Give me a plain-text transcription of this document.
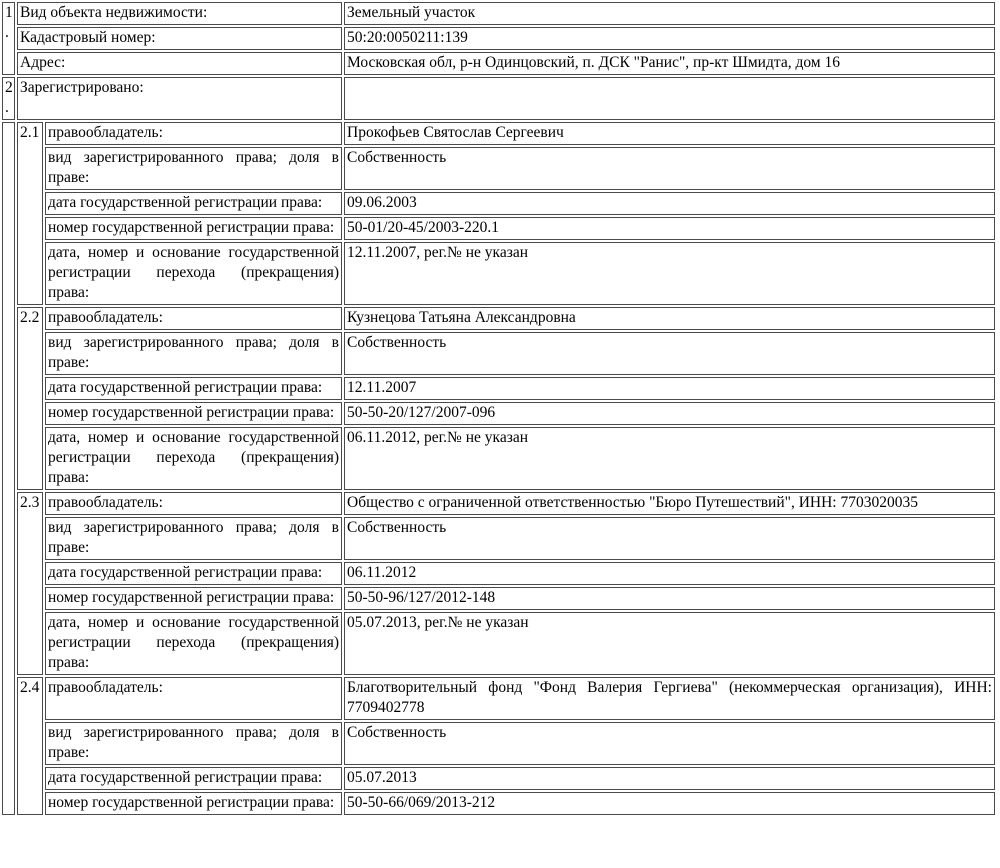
1.	Вид объекта недвижимости:		Земельный участок
	Кадастровый номер:		50:20:0050211:139
	Адрес:		Московская обл, р-н Одинцовский, п. ДСК "Ранис", пр-кт Шмидта, дом 16
2.	Зарегистрировано:		
	2.1	правообладатель:	Прокофьев Святослав Сергеевич
		вид зарегистрированного права; доля в праве:	Собственность
		дата государственной регистрации права:	09.06.2003
		номер государственной регистрации права:	50-01/20-45/2003-220.1
		дата, номер и основание государственной регистрации перехода (прекращения) права:	12.11.2007, рег.№ не указан
	2.2	правообладатель:	Кузнецова Татьяна Александровна
		вид зарегистрированного права; доля в праве:	Собственность
		дата государственной регистрации права:	12.11.2007
		номер государственной регистрации права:	50-50-20/127/2007-096
		дата, номер и основание государственной регистрации перехода (прекращения) права:	06.11.2012, рег.№ не указан
	2.3	правообладатель:	Общество с ограниченной ответственностью "Бюро Путешествий", ИНН: 7703020035
		вид зарегистрированного права; доля в праве:	Собственность
		дата государственной регистрации права:	06.11.2012
		номер государственной регистрации права:	50-50-96/127/2012-148
		дата, номер и основание государственной регистрации перехода (прекращения) права:	05.07.2013, рег.№ не указан
	2.4	правообладатель:	Благотворительный фонд "Фонд Валерия Гергиева" (некоммерческая организация), ИНН: 7709402778
		вид зарегистрированного права; доля в праве:	Собственность
		дата государственной регистрации права:	05.07.2013
		номер государственной регистрации права:	50-50-66/069/2013-212
